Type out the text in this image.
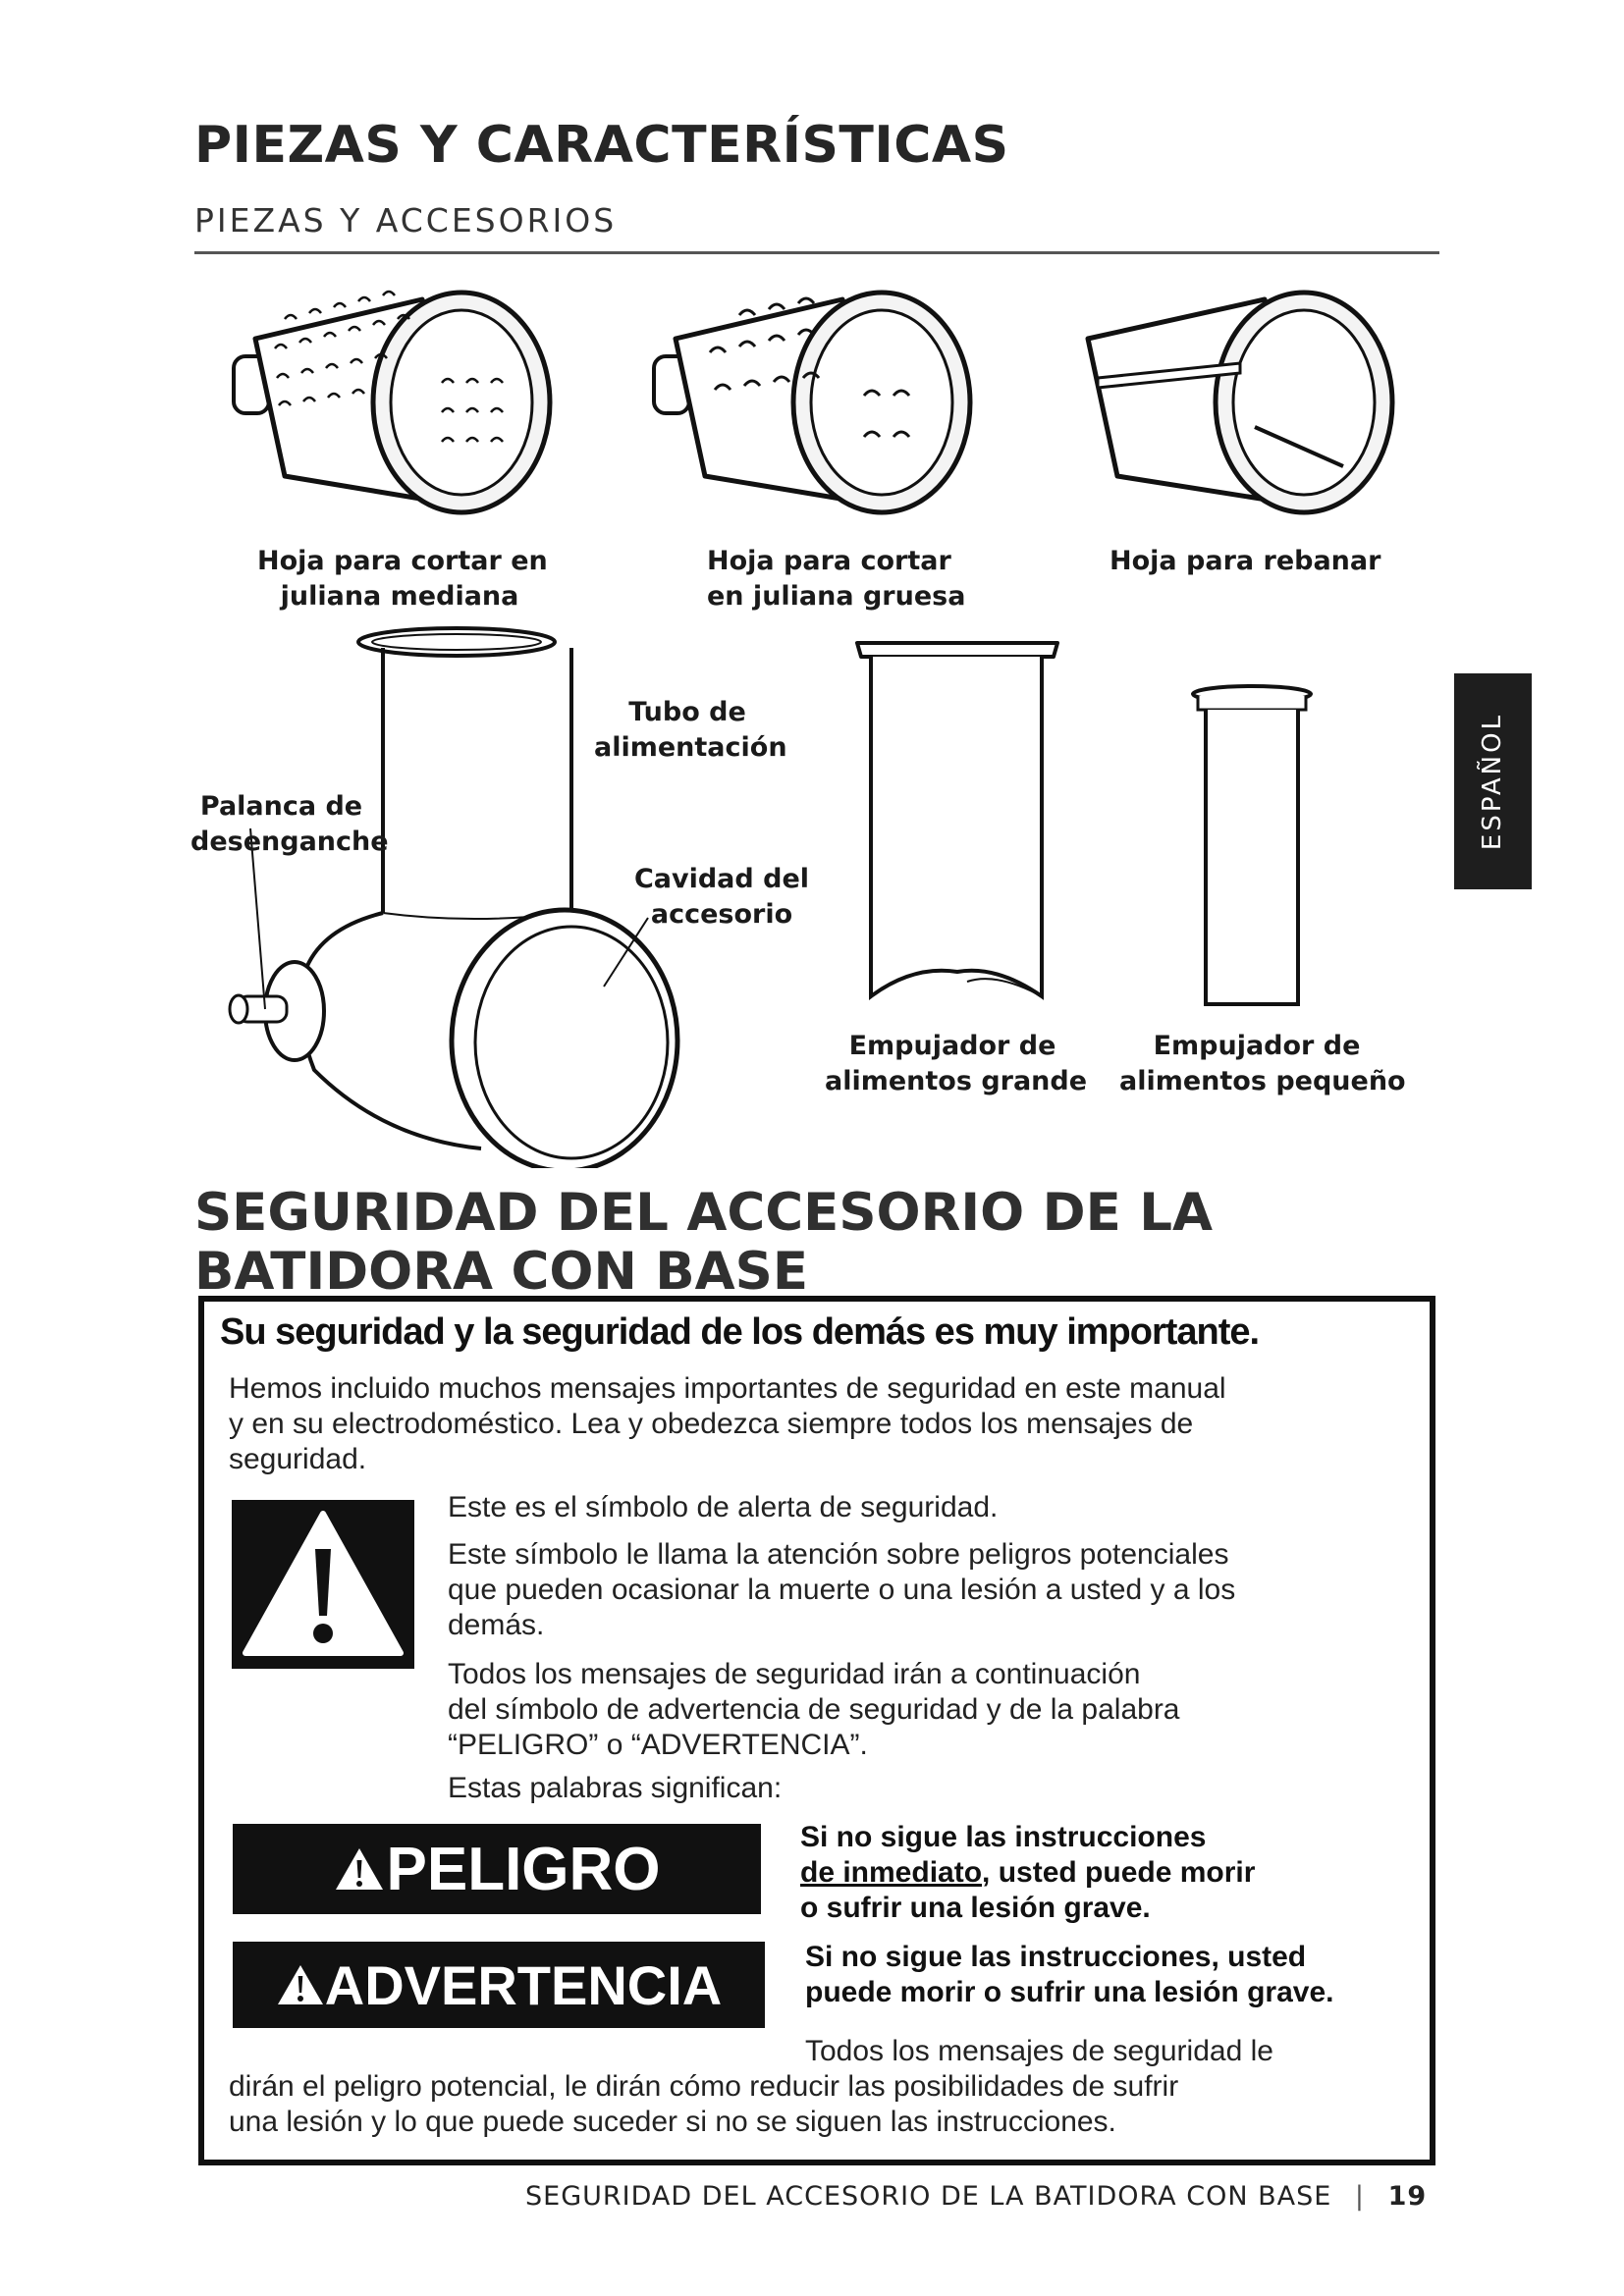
PIEZAS Y CARACTERÍSTICAS
PIEZAS Y ACCESORIOS
ESPAÑOL
Hoja para cortar en
juliana mediana
Hoja para cortar
en juliana gruesa
Hoja para rebanar
Tubo de
alimentación
Palanca de
desenganche
Cavidad del
accesorio
Empujador de
alimentos grande
Empujador de
alimentos pequeño
SEGURIDAD DEL ACCESORIO DE LA
BATIDORA CON BASE
Su seguridad y la seguridad de los demás es muy importante.
Hemos incluido muchos mensajes importantes de seguridad en este manual
y en su electrodoméstico. Lea y obedezca siempre todos los mensajes de
seguridad.
Este es el símbolo de alerta de seguridad.
Este símbolo le llama la atención sobre peligros potenciales
que pueden ocasionar la muerte o una lesión a usted y a los
demás.
Todos los mensajes de seguridad irán a continuación
del símbolo de advertencia de seguridad y de la palabra
“PELIGRO” o “ADVERTENCIA”.
Estas palabras significan:
PELIGRO	Si no sigue las instrucciones
de inmediato, usted puede morir
o sufrir una lesión grave.
ADVERTENCIA	Si no sigue las instrucciones, usted
puede morir o sufrir una lesión grave.
Todos los mensajes de seguridad le
dirán el peligro potencial, le dirán cómo reducir las posibilidades de sufrir
una lesión y lo que puede suceder si no se siguen las instrucciones.
SEGURIDAD DEL ACCESORIO DE LA BATIDORA CON BASE | 19
